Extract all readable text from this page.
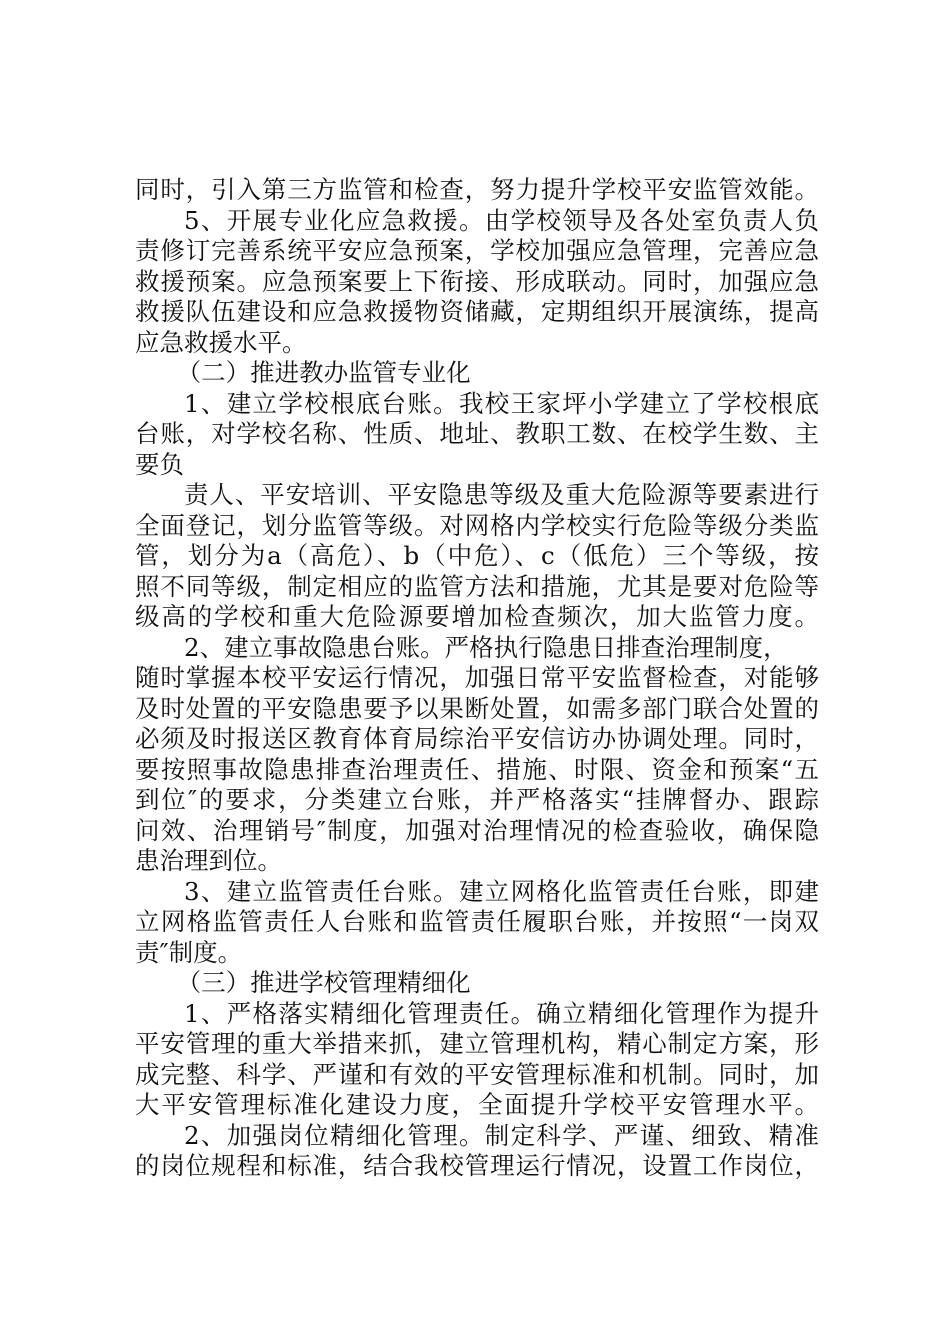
同时，引入第三方监管和检查，努力提升学校平安监管效能。
5、开展专业化应急救援。由学校领导及各处室负责人负
责修订完善系统平安应急预案，学校加强应急管理，完善应急
救援预案。应急预案要上下衔接、形成联动。同时，加强应急
救援队伍建设和应急救援物资储藏，定期组织开展演练，提高
应急救援水平。
（二）推进教办监管专业化
1、建立学校根底台账。我校王家坪小学建立了学校根底
台账，对学校名称、性质、地址、教职工数、在校学生数、主
要负
责人、平安培训、平安隐患等级及重大危险源等要素进行
全面登记，划分监管等级。对网格内学校实行危险等级分类监
管，划分为a（高危）、b（中危）、c（低危）三个等级，按
照不同等级，制定相应的监管方法和措施，尤其是要对危险等
级高的学校和重大危险源要增加检查频次，加大监管力度。
2、建立事故隐患台账。严格执行隐患日排查治理制度，
随时掌握本校平安运行情况，加强日常平安监督检查，对能够
及时处置的平安隐患要予以果断处置，如需多部门联合处置的
必须及时报送区教育体育局综治平安信访办协调处理。同时，
要按照事故隐患排查治理责任、措施、时限、资金和预案“五
到位″的要求，分类建立台账，并严格落实“挂牌督办、跟踪
问效、治理销号″制度，加强对治理情况的检查验收，确保隐
患治理到位。
3、建立监管责任台账。建立网格化监管责任台账，即建
立网格监管责任人台账和监管责任履职台账，并按照“一岗双
责″制度。
（三）推进学校管理精细化
1、严格落实精细化管理责任。确立精细化管理作为提升
平安管理的重大举措来抓，建立管理机构，精心制定方案，形
成完整、科学、严谨和有效的平安管理标准和机制。同时，加
大平安管理标准化建设力度，全面提升学校平安管理水平。
2、加强岗位精细化管理。制定科学、严谨、细致、精准
的岗位规程和标准，结合我校管理运行情况，设置工作岗位，
